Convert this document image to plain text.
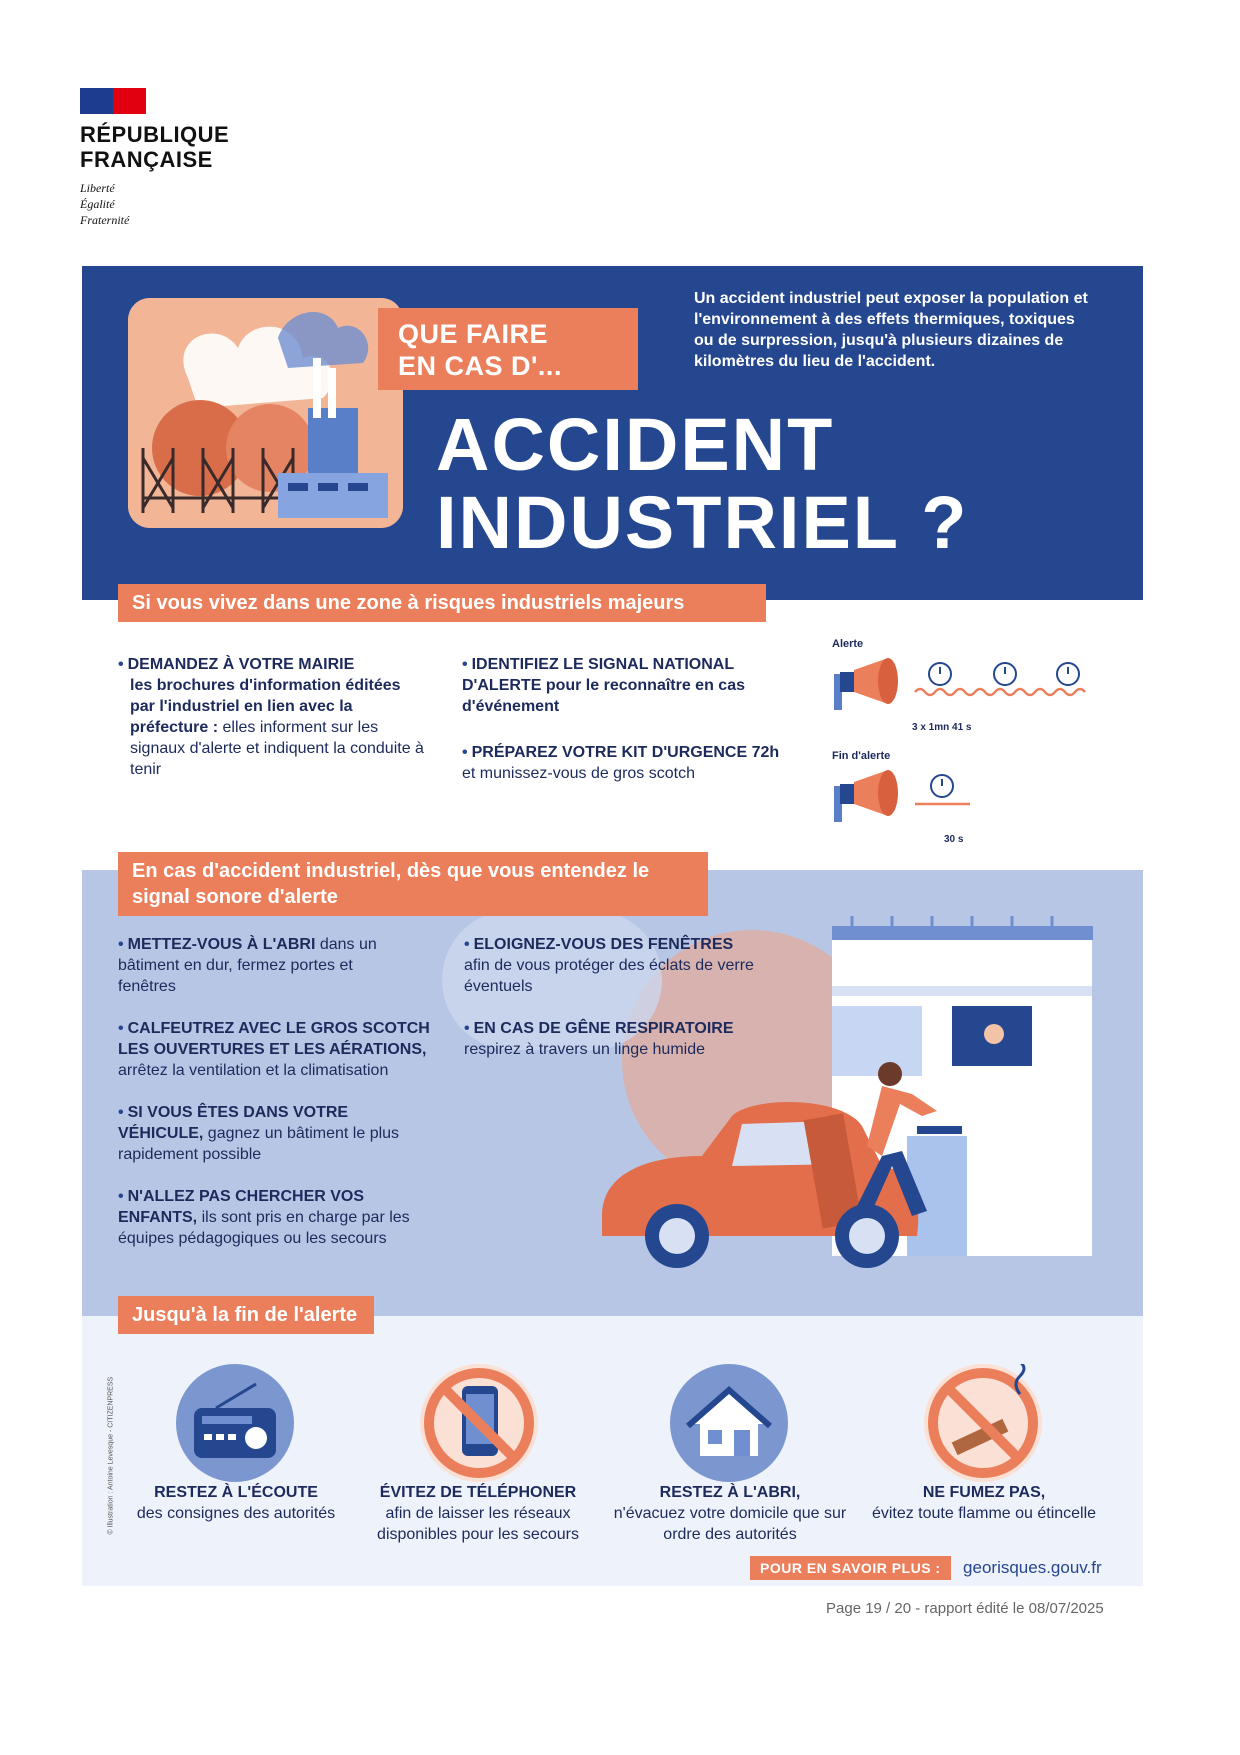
RÉPUBLIQUE FRANÇAISE
Liberté
Égalité
Fraternité
QUE FAIRE EN CAS D'...
Un accident industriel peut exposer la population et l'environnement à des effets thermiques, toxiques ou de surpression, jusqu'à plusieurs dizaines de kilomètres du lieu de l'accident.
ACCIDENT
INDUSTRIEL ?
Si vous vivez dans une zone à risques industriels majeurs
• DEMANDEZ À VOTRE MAIRIE
les brochures d'information éditées par l'industriel en lien avec la préfecture : elles informent sur les signaux d'alerte et indiquent la conduite à tenir
• IDENTIFIEZ LE SIGNAL NATIONAL D'ALERTE pour le reconnaître en cas d'événement
• PRÉPAREZ VOTRE KIT D'URGENCE 72h et munissez-vous de gros scotch
Alerte
3 x 1mn 41 s
Fin d'alerte
30 s
En cas d'accident industriel, dès que vous entendez le signal sonore d'alerte
• METTEZ-VOUS À L'ABRI dans un bâtiment en dur, fermez portes et fenêtres
• CALFEUTREZ AVEC LE GROS SCOTCH LES OUVERTURES ET LES AÉRATIONS, arrêtez la ventilation et la climatisation
• SI VOUS ÊTES DANS VOTRE VÉHICULE, gagnez un bâtiment le plus rapidement possible
• N'ALLEZ PAS CHERCHER VOS ENFANTS, ils sont pris en charge par les équipes pédagogiques ou les secours
• ELOIGNEZ-VOUS DES FENÊTRES afin de vous protéger des éclats de verre éventuels
• EN CAS DE GÊNE RESPIRATOIRE respirez à travers un linge humide
Jusqu'à la fin de l'alerte
RESTEZ À L'ÉCOUTE
des consignes des autorités
ÉVITEZ DE TÉLÉPHONER
afin de laisser les réseaux disponibles pour les secours
RESTEZ À L'ABRI,
n'évacuez votre domicile que sur ordre des autorités
NE FUMEZ PAS,
évitez toute flamme ou étincelle
POUR EN SAVOIR PLUS : georisques.gouv.fr
© Illustration : Antoine Levesque - CITIZENPRESS
Page 19 / 20 - rapport édité le 08/07/2025
